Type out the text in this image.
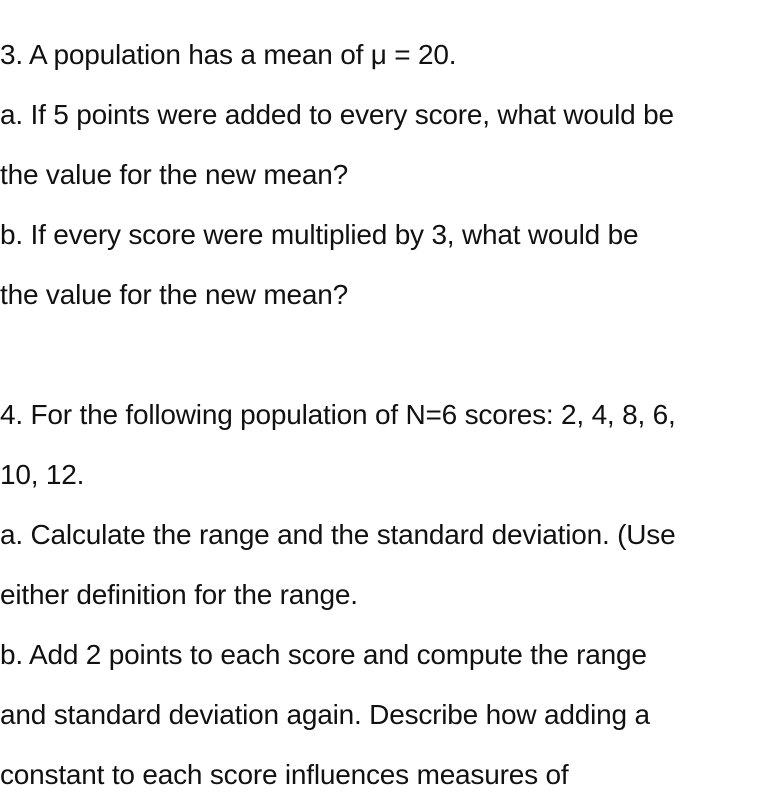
3. A population has a mean of μ = 20.
a. If 5 points were added to every score, what would be
the value for the new mean?
b. If every score were multiplied by 3, what would be
the value for the new mean?
4. For the following population of N=6 scores: 2, 4, 8, 6,
10, 12.
a. Calculate the range and the standard deviation. (Use
either definition for the range.
b. Add 2 points to each score and compute the range
and standard deviation again. Describe how adding a
constant to each score influences measures of
